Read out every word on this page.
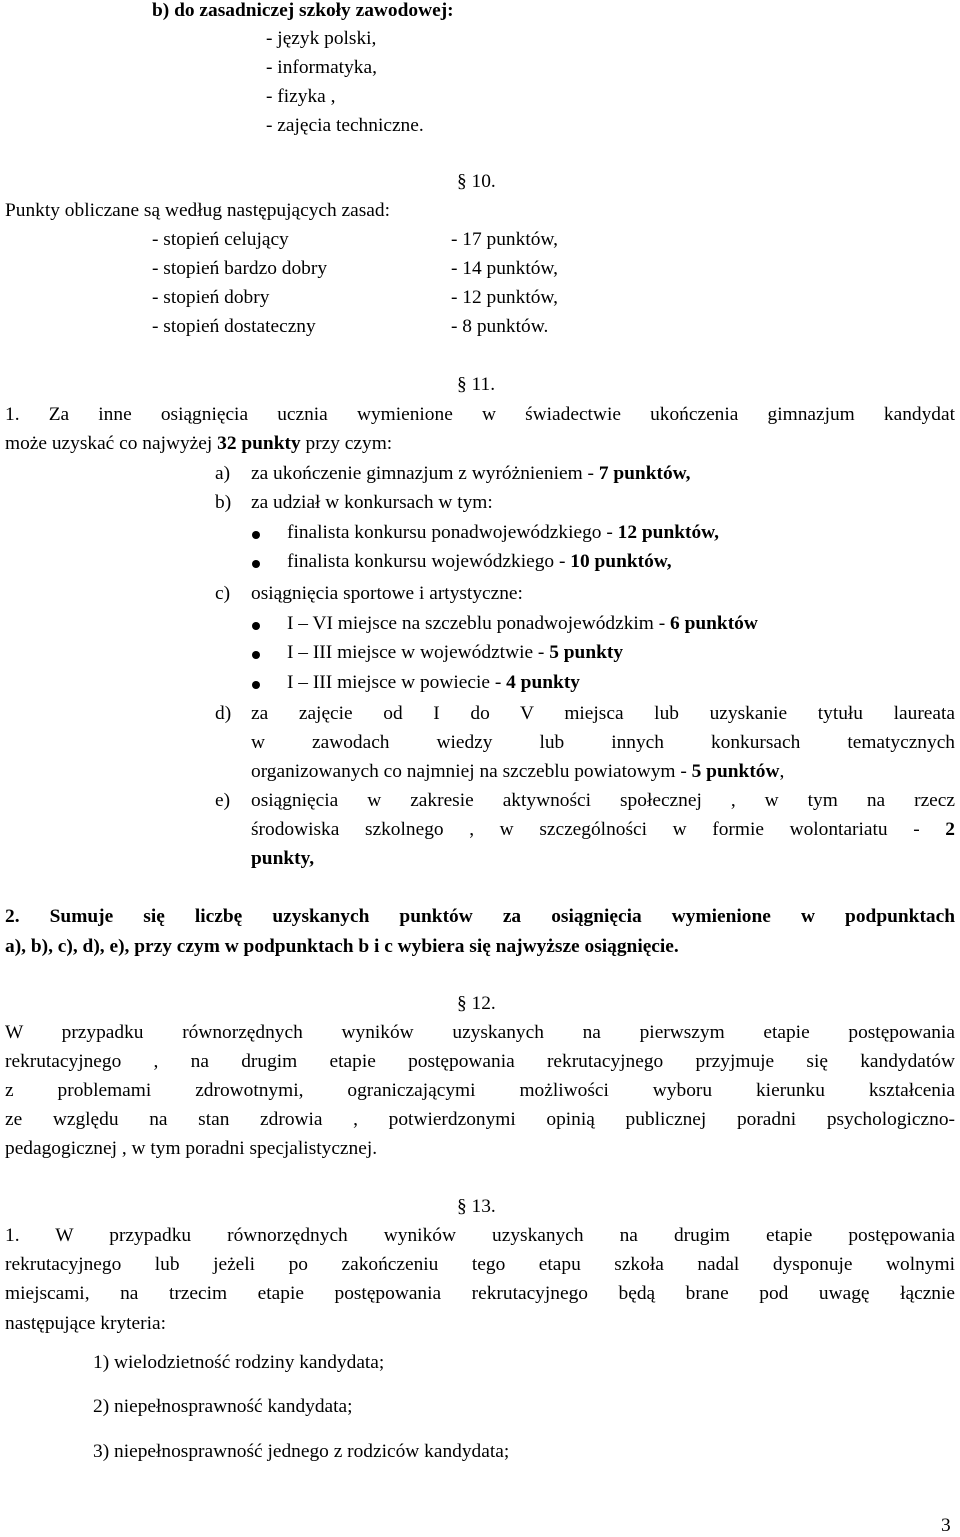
b) do zasadniczej szkoły zawodowej:
- język polski,
- informatyka,
- fizyka ,
- zajęcia techniczne.
§ 10.
Punkty obliczane są według następujących zasad:
- stopień celujący	- 17 punktów,
- stopień bardzo dobry	- 14 punktów,
- stopień dobry	- 12 punktów,
- stopień dostateczny	- 8 punktów.
§ 11.
1. Za inne osiągnięcia ucznia wymienione w świadectwie ukończenia gimnazjum kandydat
może uzyskać co najwyżej 32 punkty przy czym:
a) za ukończenie gimnazjum z wyróżnieniem - 7 punktów,
b) za udział w konkursach w tym:
finalista konkursu ponadwojewódzkiego - 12 punktów,
finalista konkursu wojewódzkiego - 10 punktów,
c) osiągnięcia sportowe i artystyczne:
I – VI miejsce na szczeblu ponadwojewódzkim - 6 punktów
I – III miejsce w województwie - 5 punkty
I – III miejsce w powiecie - 4 punkty
d) za zajęcie od I do V miejsca lub uzyskanie tytułu laureata
w zawodach wiedzy lub innych konkursach tematycznych
organizowanych co najmniej na szczeblu powiatowym - 5 punktów,
e) osiągnięcia w zakresie aktywności społecznej , w tym na rzecz
środowiska szkolnego , w szczególności w formie wolontariatu - 2
punkty,
2. Sumuje się liczbę uzyskanych punktów za osiągnięcia wymienione w podpunktach
a), b), c), d), e), przy czym w podpunktach b i c wybiera się najwyższe osiągnięcie.
§ 12.
W przypadku równorzędnych wyników uzyskanych na pierwszym etapie postępowania
rekrutacyjnego , na drugim etapie postępowania rekrutacyjnego przyjmuje się kandydatów
z problemami zdrowotnymi, ograniczającymi możliwości wyboru kierunku kształcenia
ze względu na stan zdrowia , potwierdzonymi opinią publicznej poradni psychologiczno-
pedagogicznej , w tym poradni specjalistycznej.
§ 13.
1. W przypadku równorzędnych wyników uzyskanych na drugim etapie postępowania
rekrutacyjnego lub jeżeli po zakończeniu tego etapu szkoła nadal dysponuje wolnymi
miejscami, na trzecim etapie postępowania rekrutacyjnego będą brane pod uwagę łącznie
następujące kryteria:
1) wielodzietność rodziny kandydata;
2) niepełnosprawność kandydata;
3) niepełnosprawność jednego z rodziców kandydata;
3
